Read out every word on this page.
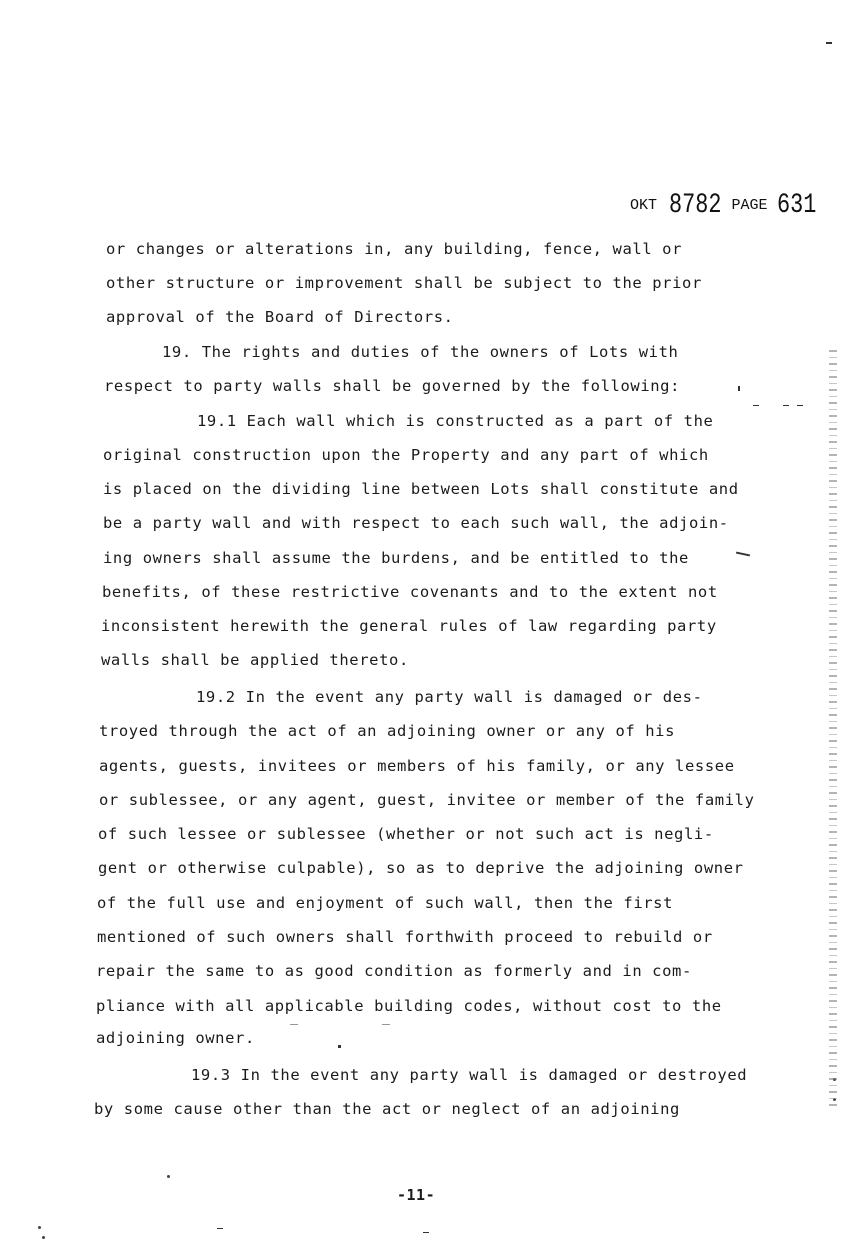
OKT 8782 PAGE 631
or changes or alterations in, any building, fence, wall or
other structure or improvement shall be subject to the prior
approval of the Board of Directors.
19. The rights and duties of the owners of Lots with
respect to party walls shall be governed by the following:
19.1 Each wall which is constructed as a part of the
original construction upon the Property and any part of which
is placed on the dividing line between Lots shall constitute and
be a party wall and with respect to each such wall, the adjoin-
ing owners shall assume the burdens, and be entitled to the
benefits, of these restrictive covenants and to the extent not
inconsistent herewith the general rules of law regarding party
walls shall be applied thereto.
19.2 In the event any party wall is damaged or des-
troyed through the act of an adjoining owner or any of his
agents, guests, invitees or members of his family, or any lessee
or sublessee, or any agent, guest, invitee or member of the family
of such lessee or sublessee (whether or not such act is negli-
gent or otherwise culpable), so as to deprive the adjoining owner
of the full use and enjoyment of such wall, then the first
mentioned of such owners shall forthwith proceed to rebuild or
repair the same to as good condition as formerly and in com-
pliance with all applicable building codes, without cost to the
adjoining owner.
19.3 In the event any party wall is damaged or destroyed
by some cause other than the act or neglect of an adjoining
-11-
